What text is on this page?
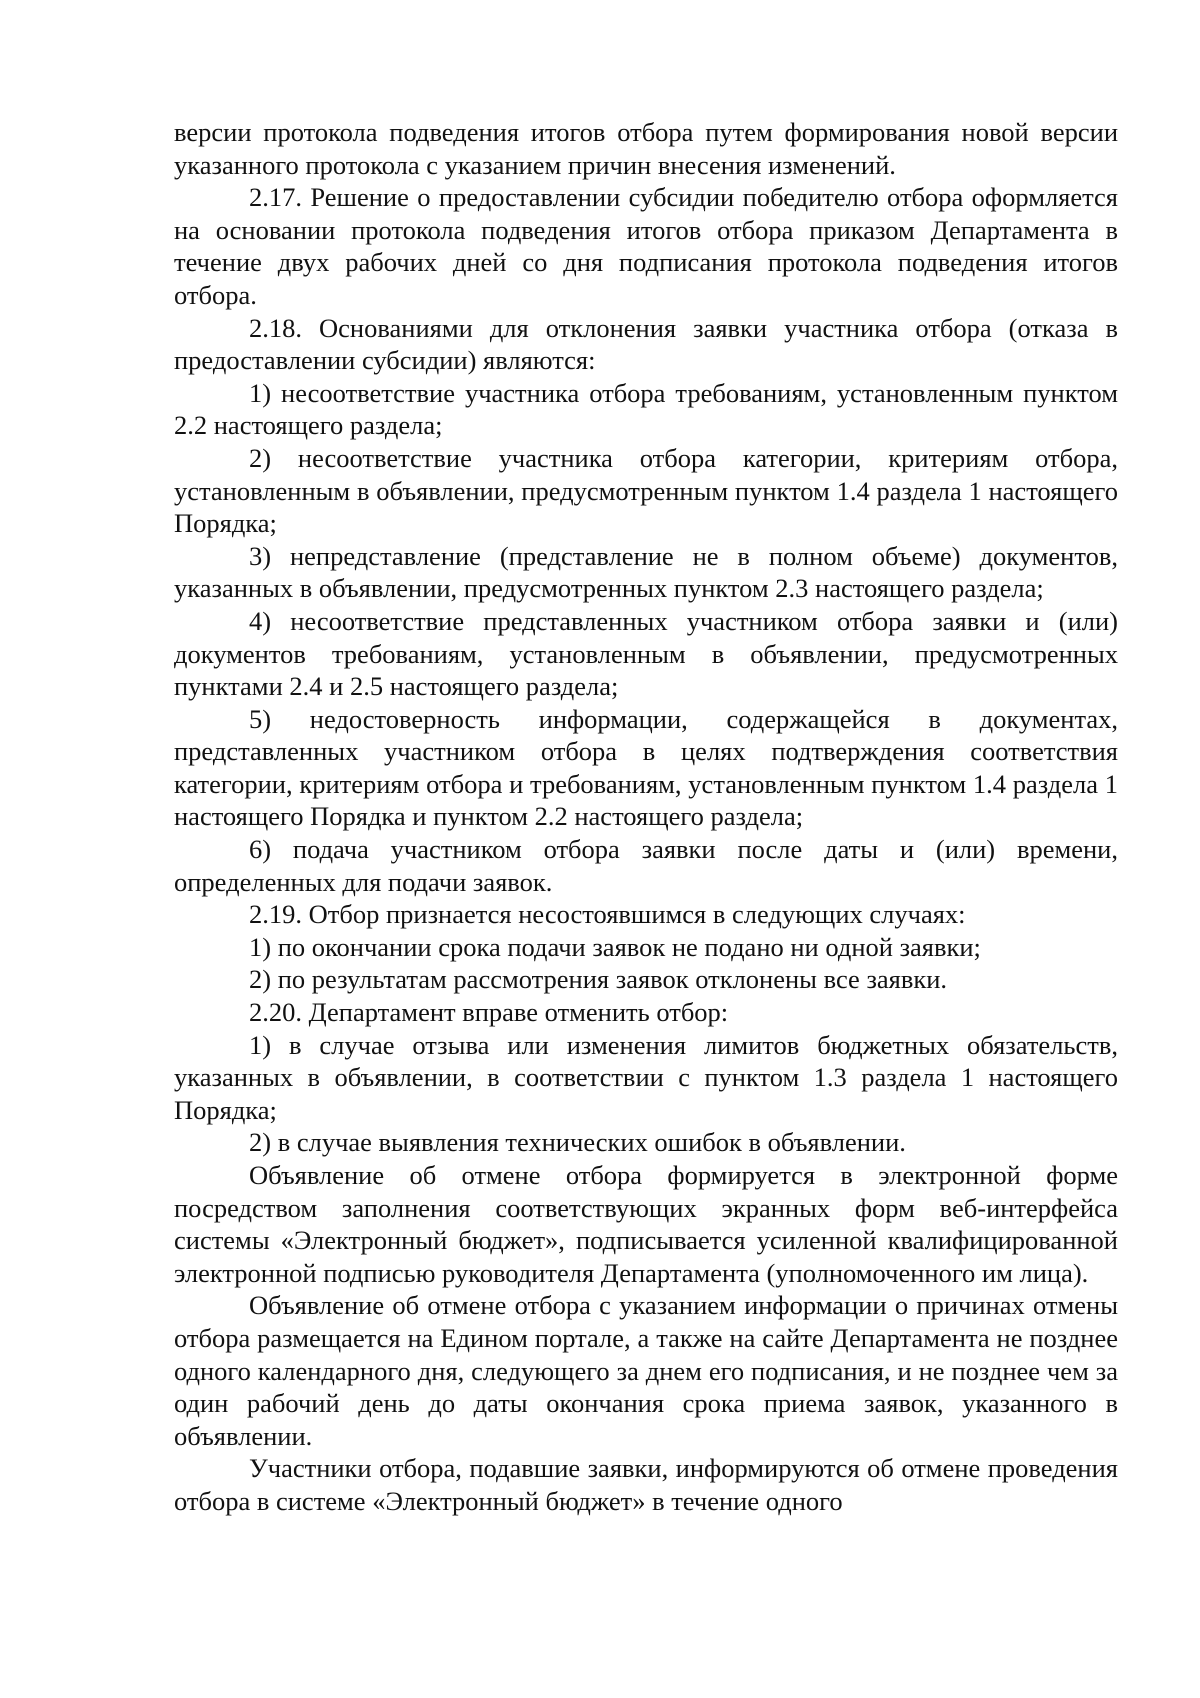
версии протокола подведения итогов отбора путем формирования новой версии указанного протокола с указанием причин внесения изменений.

2.17. Решение о предоставлении субсидии победителю отбора оформляется на основании протокола подведения итогов отбора приказом Департамента в течение двух рабочих дней со дня подписания протокола подведения итогов отбора.

2.18. Основаниями для отклонения заявки участника отбора (отказа в предоставлении субсидии) являются:

1) несоответствие участника отбора требованиям, установленным пунктом 2.2 настоящего раздела;

2) несоответствие участника отбора категории, критериям отбора, установленным в объявлении, предусмотренным пунктом 1.4 раздела 1 настоящего Порядка;

3) непредставление (представление не в полном объеме) документов, указанных в объявлении, предусмотренных пунктом 2.3 настоящего раздела;

4) несоответствие представленных участником отбора заявки и (или) документов требованиям, установленным в объявлении, предусмотренных пунктами 2.4 и 2.5 настоящего раздела;

5) недостоверность информации, содержащейся в документах, представленных участником отбора в целях подтверждения соответствия категории, критериям отбора и требованиям, установленным пунктом 1.4 раздела 1 настоящего Порядка и пунктом 2.2 настоящего раздела;

6) подача участником отбора заявки после даты и (или) времени, определенных для подачи заявок.

2.19. Отбор признается несостоявшимся в следующих случаях:

1) по окончании срока подачи заявок не подано ни одной заявки;

2) по результатам рассмотрения заявок отклонены все заявки.

2.20. Департамент вправе отменить отбор:

1) в случае отзыва или изменения лимитов бюджетных обязательств, указанных в объявлении, в соответствии с пунктом 1.3 раздела 1 настоящего Порядка;

2) в случае выявления технических ошибок в объявлении.

Объявление об отмене отбора формируется в электронной форме посредством заполнения соответствующих экранных форм веб-интерфейса системы «Электронный бюджет», подписывается усиленной квалифицированной электронной подписью руководителя Департамента (уполномоченного им лица).

Объявление об отмене отбора с указанием информации о причинах отмены отбора размещается на Едином портале, а также на сайте Департамента не позднее одного календарного дня, следующего за днем его подписания, и не позднее чем за один рабочий день до даты окончания срока приема заявок, указанного в объявлении.

Участники отбора, подавшие заявки, информируются об отмене проведения отбора в системе «Электронный бюджет» в течение одного
